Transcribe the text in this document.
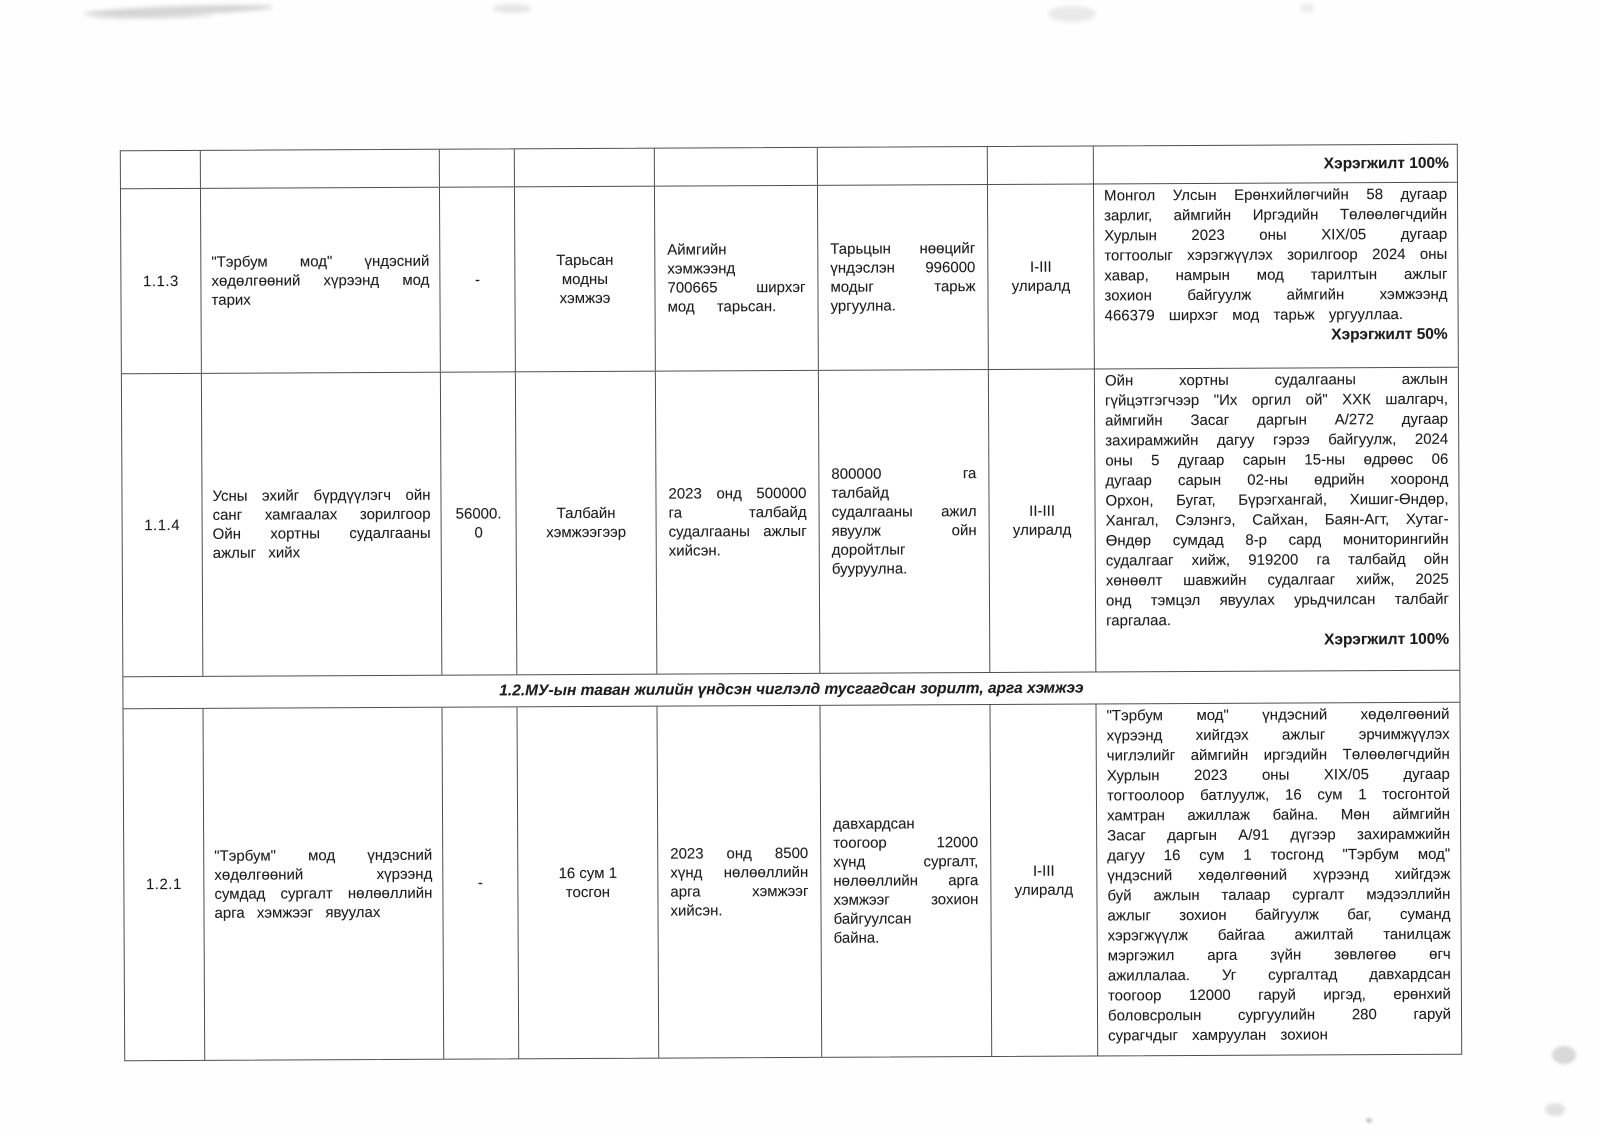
Хэрэгжилт 100%
1.1.3
"Тэрбум мод" үндэсний хөдөлгөөний хүрээнд мод тарих
-
Тарьсан модны хэмжээ
Аймгийн хэмжээнд 700665 ширхэг мод тарьсан.
Тарьцын нөөцийг үндэслэн 996000 модыг тарьж ургуулна.
I-III улиралд
Монгол Улсын Ерөнхийлөгчийн 58 дугаар зарлиг, аймгийн Иргэдийн Төлөөлөгчдийн Хурлын 2023 оны XIX/05 дугаар тогтоолыг хэрэгжүүлэх зорилгоор 2024 оны хавар, намрын мод тарилтын ажлыг зохион байгуулж аймгийн хэмжээнд 466379 ширхэг мод тарьж ургууллаа.
Хэрэгжилт 50%
1.1.4
Усны эхийг бүрдүүлэгч ойн санг хамгаалах зорилгоор Ойн хортны судалгааны ажлыг хийх
56000.0
Талбайн хэмжээгээр
2023 онд 500000 га талбайд судалгааны ажлыг хийсэн.
800000 га талбайд судалгааны ажил явуулж ойн доройтлыг бууруулна.
II-III улиралд
Ойн хортны судалгааны ажлын гүйцэтгэгчээр "Их оргил ой" ХХК шалгарч, аймгийн Засаг даргын А/272 дугаар захирамжийн дагуу гэрээ байгуулж, 2024 оны 5 дугаар сарын 15-ны өдрөөс 06 дугаар сарын 02-ны өдрийн хооронд Орхон, Бугат, Бүрэгхангай, Хишиг-Өндөр, Хангал, Сэлэнгэ, Сайхан, Баян-Агт, Хутаг-Өндөр сумдад 8-р сард мониторингийн судалгааг хийж, 919200 га талбайд ойн хөнөөлт шавжийн судалгааг хийж, 2025 онд тэмцэл явуулах урьдчилсан талбайг гаргалаа.
Хэрэгжилт 100%
1.2.МУ-ын таван жилийн үндсэн чиглэлд тусгагдсан зорилт, арга хэмжээ
1.2.1
"Тэрбум" мод үндэсний хөдөлгөөний хүрээнд сумдад сургалт нөлөөллийн арга хэмжээг явуулах
-
16 сум 1 тосгон
2023 онд 8500 хүнд нөлөөллийн арга хэмжээг хийсэн.
давхардсан тоогоор 12000 хүнд сургалт, нөлөөллийн арга хэмжээг зохион байгуулсан байна.
I-III улиралд
"Тэрбум мод" үндэсний хөдөлгөөний хүрээнд хийгдэх ажлыг эрчимжүүлэх чиглэлийг аймгийн иргэдийн Төлөөлөгчдийн Хурлын 2023 оны XIX/05 дугаар тогтоолоор батлуулж, 16 сум 1 тосгонтой хамтран ажиллаж байна. Мөн аймгийн Засаг даргын А/91 дүгээр захирамжийн дагуу 16 сум 1 тосгонд "Тэрбум мод" үндэсний хөдөлгөөний хүрээнд хийгдэж буй ажлын талаар сургалт мэдээллийн ажлыг зохион байгуулж баг, суманд хэрэгжүүлж байгаа ажилтай танилцаж мэргэжил арга зүйн зөвлөгөө өгч ажиллалаа. Уг сургалтад давхардсан тоогоор 12000 гаруй иргэд, ерөнхий боловсролын сургуулийн 280 гаруй сурагчдыг хамруулан зохион
